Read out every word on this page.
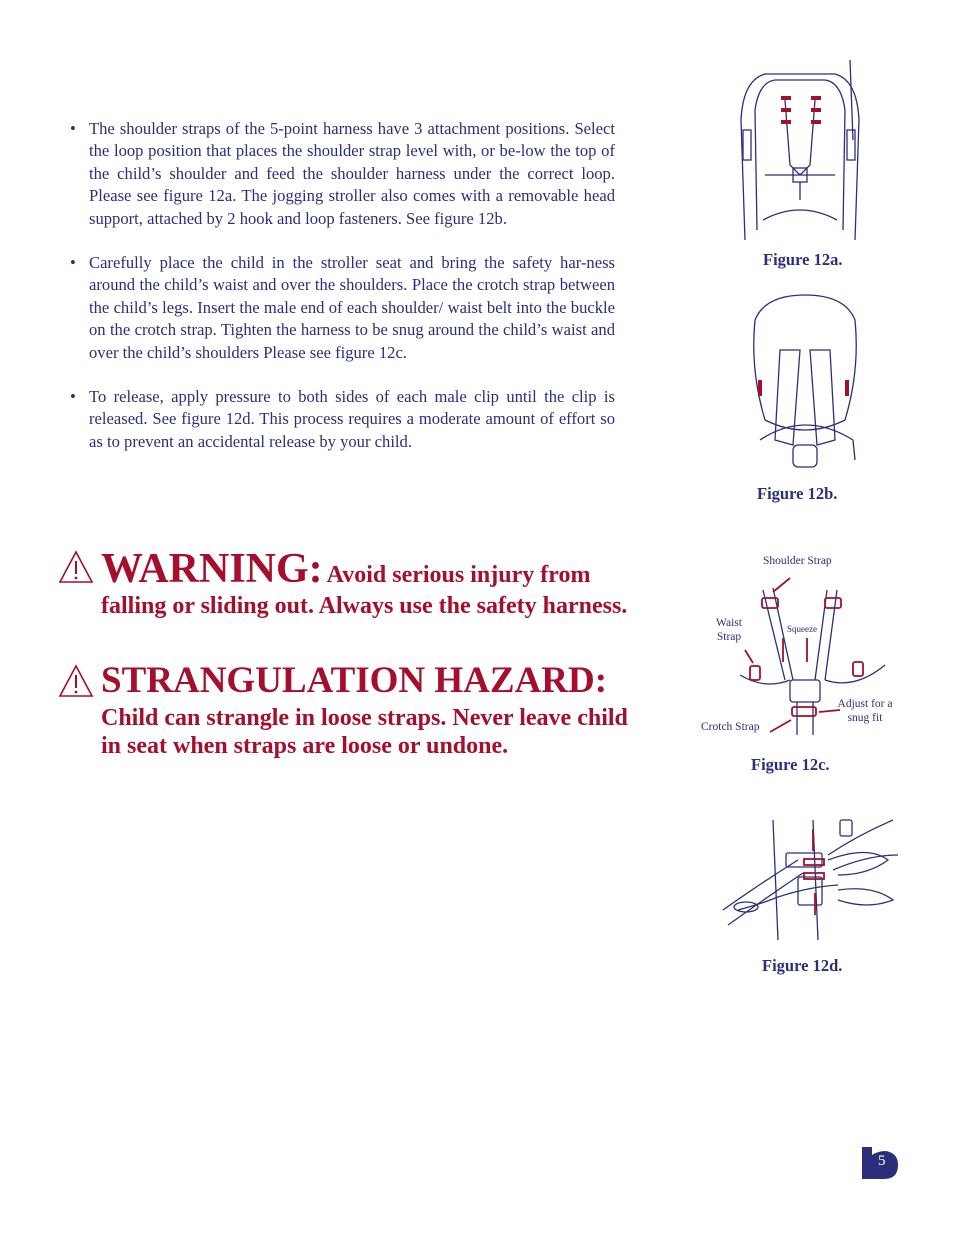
• The shoulder straps of the 5-point harness have 3 attachment positions. Select the loop position that places the shoulder strap level with, or be-low the top of the child’s shoulder and feed the shoulder harness under the correct loop. Please see figure 12a. The jogging stroller also comes with a removable head support, attached by 2 hook and loop fasteners. See figure 12b.
• Carefully place the child in the stroller seat and bring the safety har-ness around the child’s waist and over the shoulders. Place the crotch strap between the child’s legs. Insert the male end of each shoulder/ waist belt into the buckle on the crotch strap. Tighten the harness to be snug around the child’s waist and over the child’s shoulders Please see figure 12c.
• To release, apply pressure to both sides of each male clip until the clip is released. See figure 12d. This process requires a moderate amount of effort so as to prevent an accidental release by your child.
WARNING: Avoid serious injury from
falling or sliding out. Always use the safety harness.
STRANGULATION HAZARD:
Child can strangle in loose straps. Never leave child in seat when straps are loose or undone.
Figure 12a.
Figure 12b.
Shoulder Strap
Waist Strap
Squeeze
Adjust for a snug fit
Crotch Strap
Figure 12c.
Figure 12d.
5
